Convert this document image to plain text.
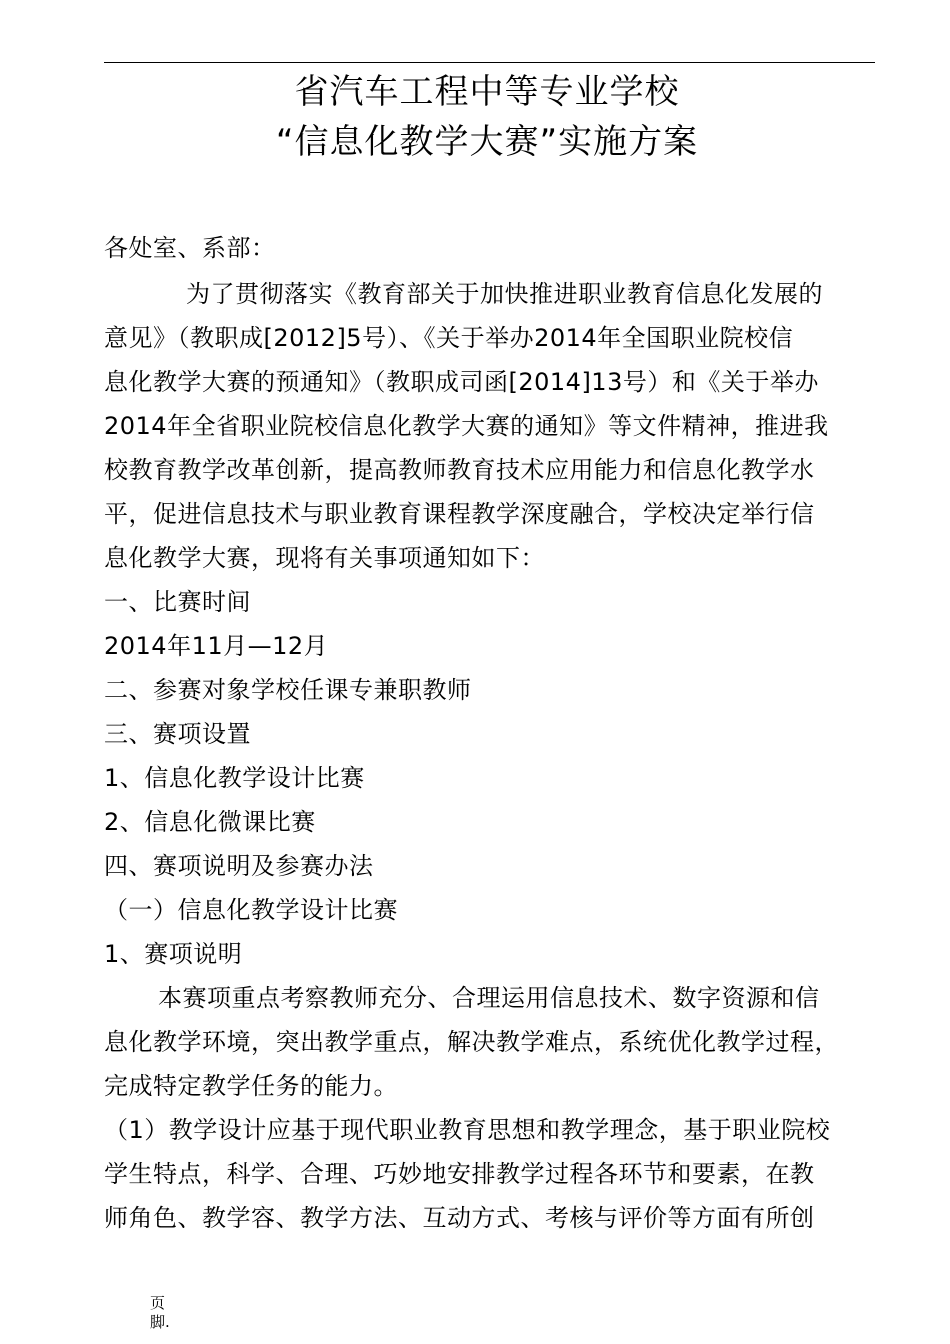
省汽车工程中等专业学校
“信息化教学大赛”实施方案
各处室、系部：
为了贯彻落实《教育部关于加快推进职业教育信息化发展的
意见》（教职成[2012]5号）、《关于举办2014年全国职业院校信
息化教学大赛的预通知》（教职成司函[2014]13号）和《关于举办
2014年全省职业院校信息化教学大赛的通知》等文件精神，推进我
校教育教学改革创新，提高教师教育技术应用能力和信息化教学水
平，促进信息技术与职业教育课程教学深度融合，学校决定举行信
息化教学大赛，现将有关事项通知如下：
一、比赛时间
2014年11月—12月
二、参赛对象学校任课专兼职教师
三、赛项设置
1、信息化教学设计比赛
2、信息化微课比赛
四、赛项说明及参赛办法
（一）信息化教学设计比赛
1、赛项说明
本赛项重点考察教师充分、合理运用信息技术、数字资源和信
息化教学环境，突出教学重点，解决教学难点，系统优化教学过程，
完成特定教学任务的能力。
（1）教学设计应基于现代职业教育思想和教学理念，基于职业院校
学生特点，科学、合理、巧妙地安排教学过程各环节和要素，在教
师角色、教学容、教学方法、互动方式、考核与评价等方面有所创
页
脚.
